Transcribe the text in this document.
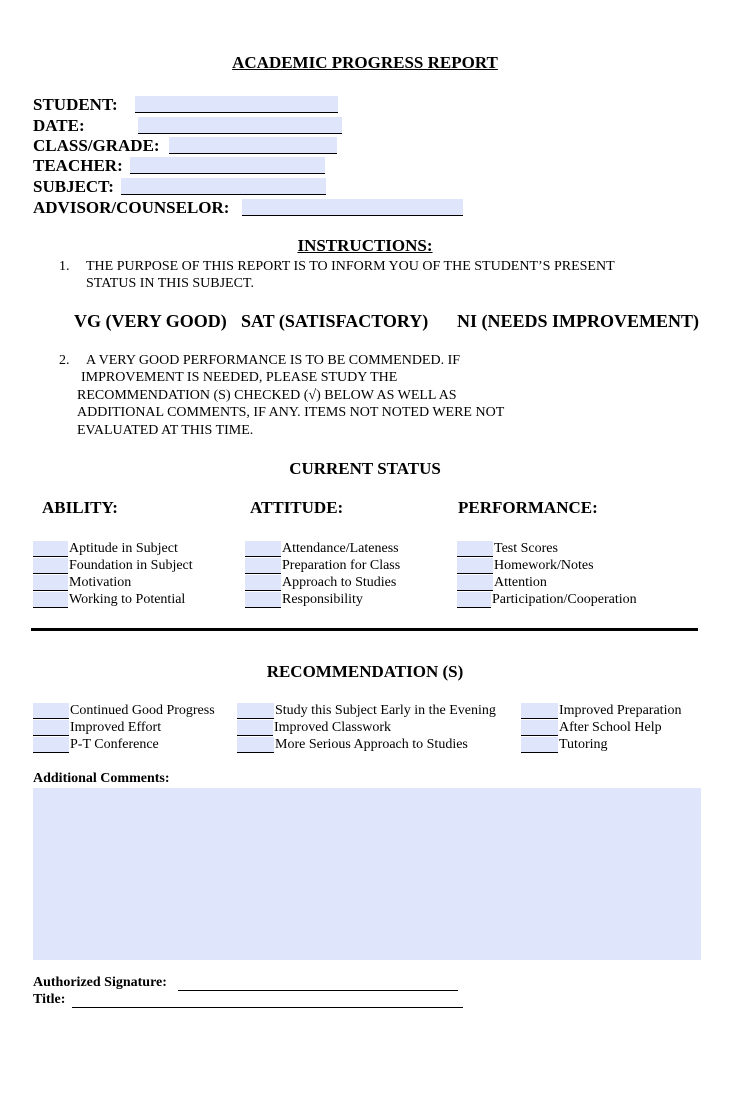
ACADEMIC PROGRESS REPORT
STUDENT:
DATE:
CLASS/GRADE:
TEACHER:
SUBJECT:
ADVISOR/COUNSELOR:
INSTRUCTIONS:
1. THE PURPOSE OF THIS REPORT IS TO INFORM YOU OF THE STUDENT’S PRESENT
STATUS IN THIS SUBJECT.
VG (VERY GOOD) SAT (SATISFACTORY) NI (NEEDS IMPROVEMENT)
2. A VERY GOOD PERFORMANCE IS TO BE COMMENDED. IF
IMPROVEMENT IS NEEDED, PLEASE STUDY THE
RECOMMENDATION (S) CHECKED (√) BELOW AS WELL AS
ADDITIONAL COMMENTS, IF ANY. ITEMS NOT NOTED WERE NOT
EVALUATED AT THIS TIME.
CURRENT STATUS
ABILITY:	ATTITUDE:	PERFORMANCE:
Aptitude in Subject
Foundation in Subject
Motivation
Working to Potential
Attendance/Lateness
Preparation for Class
Approach to Studies
Responsibility
Test Scores
Homework/Notes
Attention
Participation/Cooperation
RECOMMENDATION (S)
Continued Good Progress
Improved Effort
P-T Conference
Study this Subject Early in the Evening
Improved Classwork
More Serious Approach to Studies
Improved Preparation
After School Help
Tutoring
Additional Comments:
Authorized Signature:
Title:
